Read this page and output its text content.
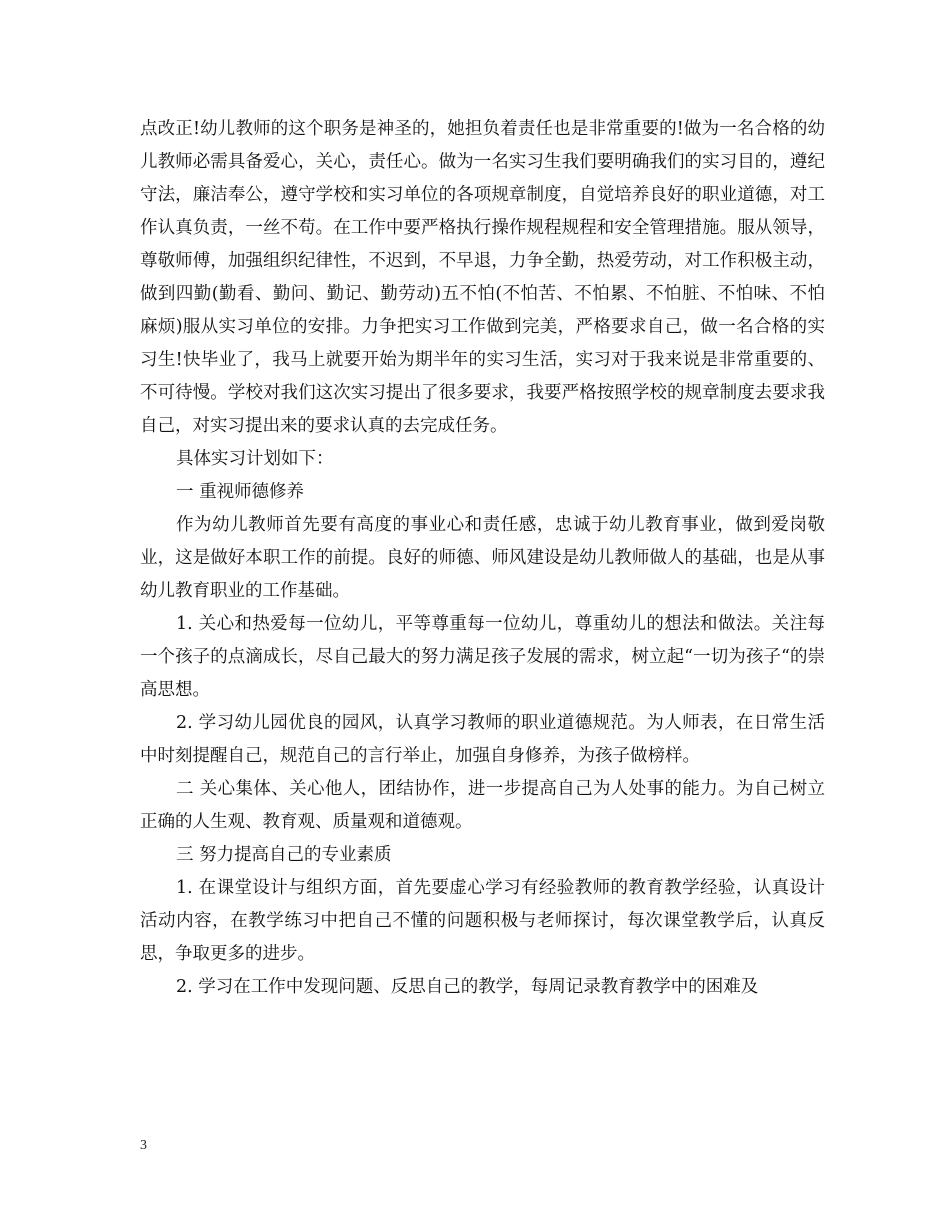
点改正!幼儿教师的这个职务是神圣的，她担负着责任也是非常重要的!做为一名合格的幼儿教师必需具备爱心，关心，责任心。做为一名实习生我们要明确我们的实习目的，遵纪守法，廉洁奉公，遵守学校和实习单位的各项规章制度，自觉培养良好的职业道德，对工作认真负责，一丝不苟。在工作中要严格执行操作规程规程和安全管理措施。服从领导，尊敬师傅，加强组织纪律性，不迟到，不早退，力争全勤，热爱劳动，对工作积极主动，做到四勤(勤看、勤问、勤记、勤劳动)五不怕(不怕苦、不怕累、不怕脏、不怕味、不怕麻烦)服从实习单位的安排。力争把实习工作做到完美，严格要求自己，做一名合格的实习生!快毕业了，我马上就要开始为期半年的实习生活，实习对于我来说是非常重要的、不可待慢。学校对我们这次实习提出了很多要求，我要严格按照学校的规章制度去要求我自己，对实习提出来的要求认真的去完成任务。

具体实习计划如下：

一 重视师德修养

作为幼儿教师首先要有高度的事业心和责任感，忠诚于幼儿教育事业，做到爱岗敬业，这是做好本职工作的前提。良好的师德、师风建设是幼儿教师做人的基础，也是从事幼儿教育职业的工作基础。

1. 关心和热爱每一位幼儿，平等尊重每一位幼儿，尊重幼儿的想法和做法。关注每一个孩子的点滴成长，尽自己最大的努力满足孩子发展的需求，树立起“一切为孩子“的崇高思想。

2. 学习幼儿园优良的园风，认真学习教师的职业道德规范。为人师表，在日常生活中时刻提醒自己，规范自己的言行举止，加强自身修养，为孩子做榜样。

二 关心集体、关心他人，团结协作，进一步提高自己为人处事的能力。为自己树立正确的人生观、教育观、质量观和道德观。

三 努力提高自己的专业素质

1. 在课堂设计与组织方面，首先要虚心学习有经验教师的教育教学经验，认真设计活动内容，在教学练习中把自己不懂的问题积极与老师探讨，每次课堂教学后，认真反思，争取更多的进步。

2. 学习在工作中发现问题、反思自己的教学，每周记录教育教学中的困难及

3
